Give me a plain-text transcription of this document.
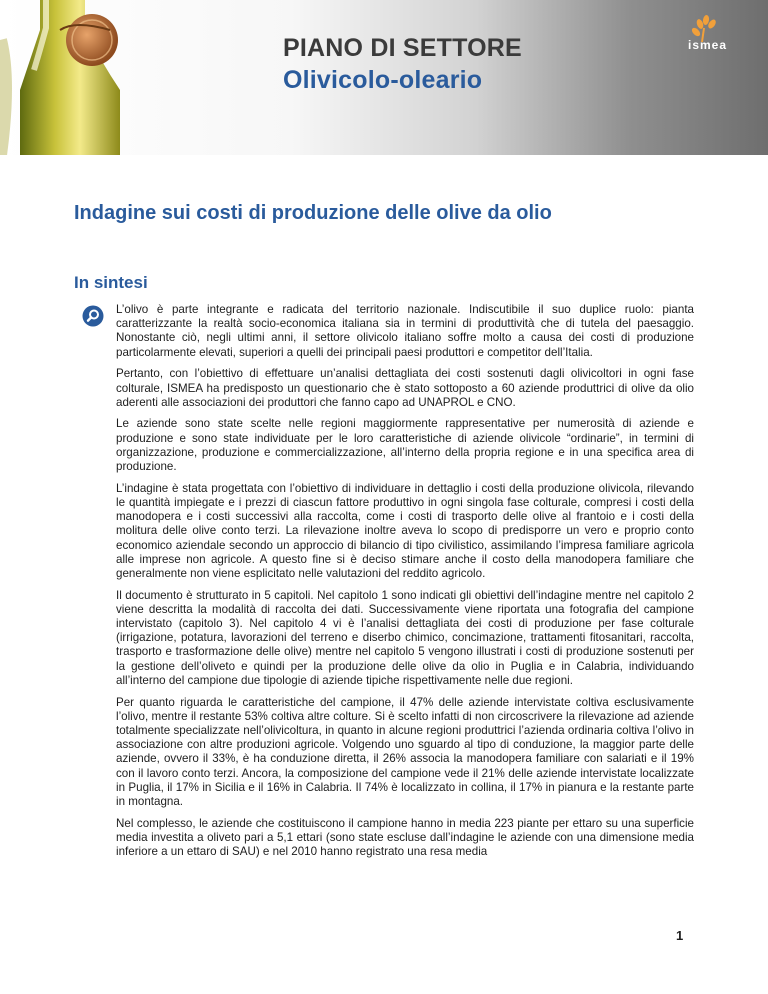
PIANO DI SETTORE
Olivicolo-oleario
ismea
Indagine sui costi di produzione delle olive da olio
In sintesi

L’olivo è parte integrante e radicata del territorio nazionale. Indiscutibile il suo duplice ruolo: pianta caratterizzante la realtà socio-economica italiana sia in termini di produttività che di tutela del paesaggio. Nonostante ciò, negli ultimi anni, il settore olivicolo italiano soffre molto a causa dei costi di produzione particolarmente elevati, superiori a quelli dei principali paesi produttori e competitor dell’Italia.

Pertanto, con l’obiettivo di effettuare un’analisi dettagliata dei costi sostenuti dagli olivicoltori in ogni fase colturale, ISMEA ha predisposto un questionario che è stato sottoposto a 60 aziende produttrici di olive da olio aderenti alle associazioni dei produttori che fanno capo ad UNAPROL e CNO.

Le aziende sono state scelte nelle regioni maggiormente rappresentative per numerosità di aziende e produzione e sono state individuate per le loro caratteristiche di aziende olivicole “ordinarie”, in termini di organizzazione, produzione e commercializzazione, all’interno della propria regione e in una specifica area di produzione.

L’indagine è stata progettata con l’obiettivo di individuare in dettaglio i costi della produzione olivicola, rilevando le quantità impiegate e i prezzi di ciascun fattore produttivo in ogni singola fase colturale, compresi i costi della manodopera e i costi successivi alla raccolta, come i costi di trasporto delle olive al frantoio e i costi della molitura delle olive conto terzi. La rilevazione inoltre aveva lo scopo di predisporre un vero e proprio conto economico aziendale secondo un approccio di bilancio di tipo civilistico, assimilando l’impresa familiare agricola alle imprese non agricole. A questo fine si è deciso stimare anche il costo della manodopera familiare che generalmente non viene esplicitato nelle valutazioni del reddito agricolo.

Il documento è strutturato in 5 capitoli. Nel capitolo 1 sono indicati gli obiettivi dell’indagine mentre nel capitolo 2 viene descritta la modalità di raccolta dei dati. Successivamente viene riportata una fotografia del campione intervistato (capitolo 3). Nel capitolo 4 vi è l’analisi dettagliata dei costi di produzione per fase colturale (irrigazione, potatura, lavorazioni del terreno e diserbo chimico, concimazione, trattamenti fitosanitari, raccolta, trasporto e trasformazione delle olive) mentre nel capitolo 5 vengono illustrati i costi di produzione sostenuti per la gestione dell’oliveto e quindi per la produzione delle olive da olio in Puglia e in Calabria, individuando all’interno del campione due tipologie di aziende tipiche rispettivamente nelle due regioni.

Per quanto riguarda le caratteristiche del campione, il 47% delle aziende intervistate coltiva esclusivamente l’olivo, mentre il restante 53% coltiva altre colture. Si è scelto infatti di non circoscrivere la rilevazione ad aziende totalmente specializzate nell’olivicoltura, in quanto in alcune regioni produttrici l’azienda ordinaria coltiva l’olivo in associazione con altre produzioni agricole. Volgendo uno sguardo al tipo di conduzione, la maggior parte delle aziende, ovvero il 33%, è ha conduzione diretta, il 26% associa la manodopera familiare con salariati e il 19% con il lavoro conto terzi. Ancora, la composizione del campione vede il 21% delle aziende intervistate localizzate in Puglia, il 17% in Sicilia e il 16% in Calabria. Il 74% è localizzato in collina, il 17% in pianura e la restante parte in montagna.

Nel complesso, le aziende che costituiscono il campione hanno in media 223 piante per ettaro su una superficie media investita a oliveto pari a 5,1 ettari (sono state escluse dall’indagine le aziende con una dimensione media inferiore a un ettaro di SAU) e nel 2010 hanno registrato una resa media

1
